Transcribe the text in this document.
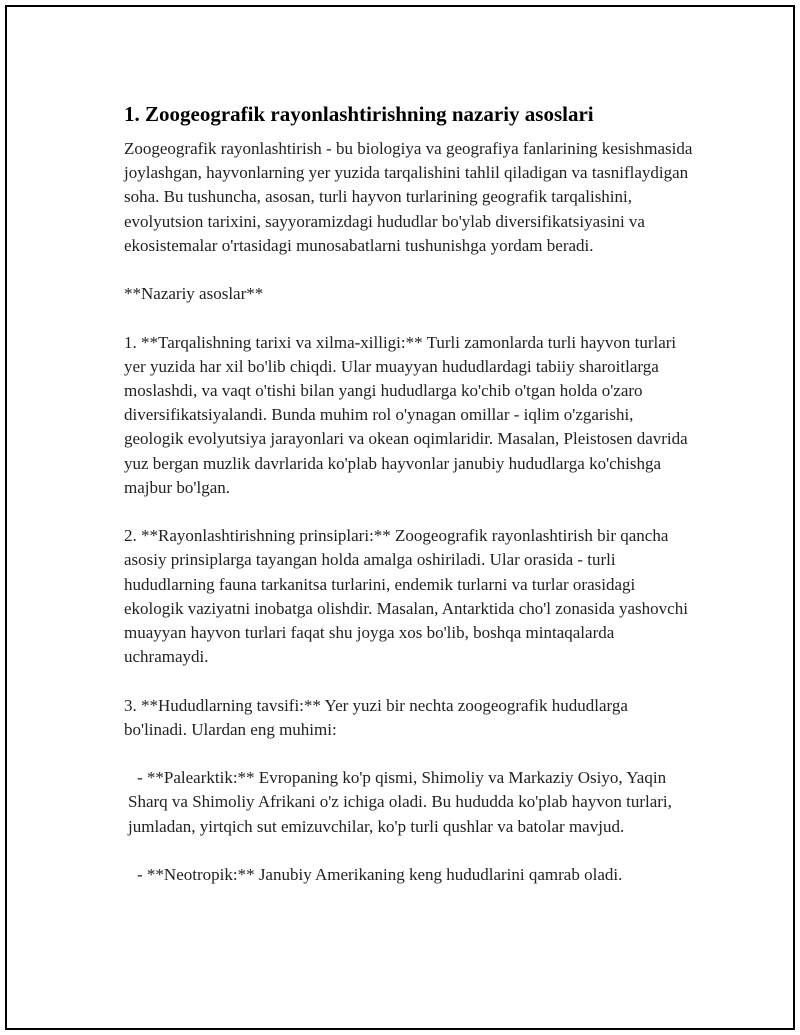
1. Zoogeografik rayonlashtirishning nazariy asoslari

Zoogeografik rayonlashtirish - bu biologiya va geografiya fanlarining kesishmasida joylashgan, hayvonlarning yer yuzida tarqalishini tahlil qiladigan va tasniflaydigan soha. Bu tushuncha, asosan, turli hayvon turlarining geografik tarqalishini, evolyutsion tarixini, sayyoramizdagi hududlar bo'ylab diversifikatsiyasini va ekosistemalar o'rtasidagi munosabatlarni tushunishga yordam beradi.

**Nazariy asoslar**

1. **Tarqalishning tarixi va xilma-xilligi:** Turli zamonlarda turli hayvon turlari yer yuzida har xil bo'lib chiqdi. Ular muayyan hududlardagi tabiiy sharoitlarga moslashdi, va vaqt o'tishi bilan yangi hududlarga ko'chib o'tgan holda o'zaro diversifikatsiyalandi. Bunda muhim rol o'ynagan omillar - iqlim o'zgarishi, geologik evolyutsiya jarayonlari va okean oqimlaridir. Masalan, Pleistosen davrida yuz bergan muzlik davrlarida ko'plab hayvonlar janubiy hududlarga ko'chishga majbur bo'lgan.

2. **Rayonlashtirishning prinsiplari:** Zoogeografik rayonlashtirish bir qancha asosiy prinsiplarga tayangan holda amalga oshiriladi. Ular orasida - turli hududlarning fauna tarkanitsa turlarini, endemik turlarni va turlar orasidagi ekologik vaziyatni inobatga olishdir. Masalan, Antarktida cho'l zonasida yashovchi muayyan hayvon turlari faqat shu joyga xos bo'lib, boshqa mintaqalarda uchramaydi.

3. **Hududlarning tavsifi:** Yer yuzi bir nechta zoogeografik hududlarga bo'linadi. Ulardan eng muhimi:

- **Palearktik:** Evropaning ko'p qismi, Shimoliy va Markaziy Osiyo, Yaqin Sharq va Shimoliy Afrikani o'z ichiga oladi. Bu hududda ko'plab hayvon turlari, jumladan, yirtqich sut emizuvchilar, ko'p turli qushlar va batolar mavjud.

- **Neotropik:** Janubiy Amerikaning keng hududlarini qamrab oladi.
